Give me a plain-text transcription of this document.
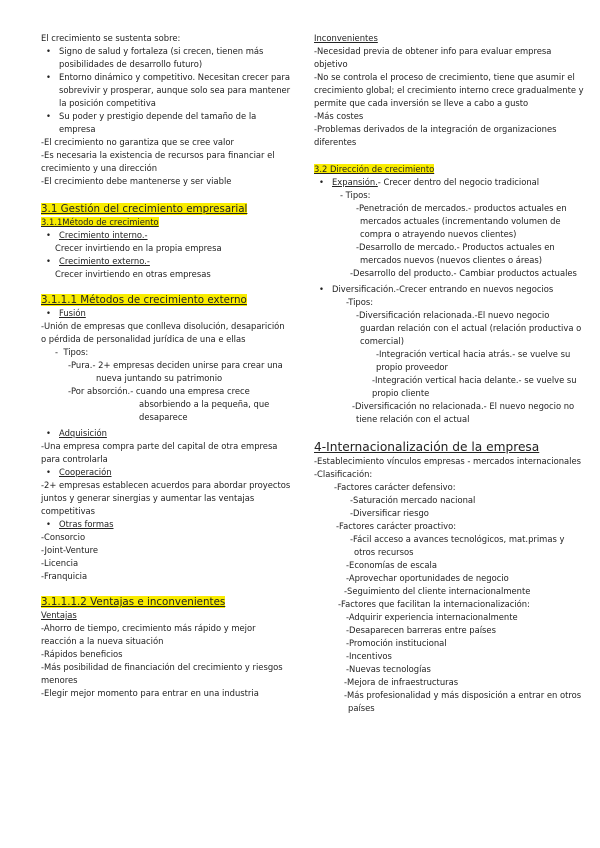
El crecimiento se sustenta sobre:

• Signo de salud y fortaleza (si crecen, tienen más posibilidades de desarrollo futuro)

• Entorno dinámico y competitivo. Necesitan crecer para sobrevivir y prosperar, aunque solo sea para mantener la posición competitiva

• Su poder y prestigio depende del tamaño de la empresa

-El crecimiento no garantiza que se cree valor

-Es necesaria la existencia de recursos para financiar el crecimiento y una dirección

-El crecimiento debe mantenerse y ser viable

3.1 Gestión del crecimiento empresarial

3.1.1Método de crecimiento

• Crecimiento interno.-

Crecer invirtiendo en la propia empresa

• Crecimiento externo.-

Crecer invirtiendo en otras empresas

3.1.1.1 Métodos de crecimiento externo

• Fusión

-Unión de empresas que conlleva disolución, desaparición o pérdida de personalidad jurídica de una e ellas

-  Tipos:

-Pura.- 2+ empresas deciden unirse para crear una nueva juntando su patrimonio

-Por absorción.- cuando una empresa crece absorbiendo a la pequeña, que desaparece

• Adquisición

-Una empresa compra parte del capital de otra empresa para controlarla

• Cooperación

-2+ empresas establecen acuerdos para abordar proyectos juntos y generar sinergias y aumentar las ventajas competitivas

• Otras formas

-Consorcio

-Joint-Venture

-Licencia

-Franquicia

3.1.1.1.2 Ventajas e inconvenientes

Ventajas

-Ahorro de tiempo, crecimiento más rápido y mejor reacción a la nueva situación

-Rápidos beneficios

-Más posibilidad de financiación del crecimiento y riesgos menores

-Elegir mejor momento para entrar en una industria

Inconvenientes

-Necesidad previa de obtener info para evaluar empresa objetivo

-No se controla el proceso de crecimiento, tiene que asumir el crecimiento global; el crecimiento interno crece gradualmente y permite que cada inversión se lleve a cabo a gusto

-Más costes

-Problemas derivados de la integración de organizaciones diferentes

3.2 Dirección de crecimiento

• Expansión.- Crecer dentro del negocio tradicional

- Tipos:

-Penetración de mercados.- productos actuales en mercados actuales (incrementando volumen de compra o atrayendo nuevos clientes)

-Desarrollo de mercado.- Productos actuales en mercados nuevos (nuevos clientes o áreas)

-Desarrollo del producto.- Cambiar productos actuales

• Diversificación.-Crecer entrando en nuevos negocios

-Tipos:

-Diversificación relacionada.-El nuevo negocio guardan relación con el actual (relación productiva o comercial)

-Integración vertical hacia atrás.- se vuelve su propio proveedor

-Integración vertical hacia delante.- se vuelve su propio cliente

-Diversificación no relacionada.- El nuevo negocio no tiene relación con el actual

4-Internacionalización de la empresa

-Establecimiento vínculos empresas - mercados internacionales

-Clasificación:

-Factores carácter defensivo:

-Saturación mercado nacional

-Diversificar riesgo

-Factores carácter proactivo:

-Fácil acceso a avances tecnológicos, mat.primas y otros recursos

-Economías de escala

-Aprovechar oportunidades de negocio

-Seguimiento del cliente internacionalmente

-Factores que facilitan la internacionalización:

-Adquirir experiencia internacionalmente

-Desaparecen barreras entre países

-Promoción institucional

-Incentivos

-Nuevas tecnologías

-Mejora de infraestructuras

-Más profesionalidad y más disposición a entrar en otros países
